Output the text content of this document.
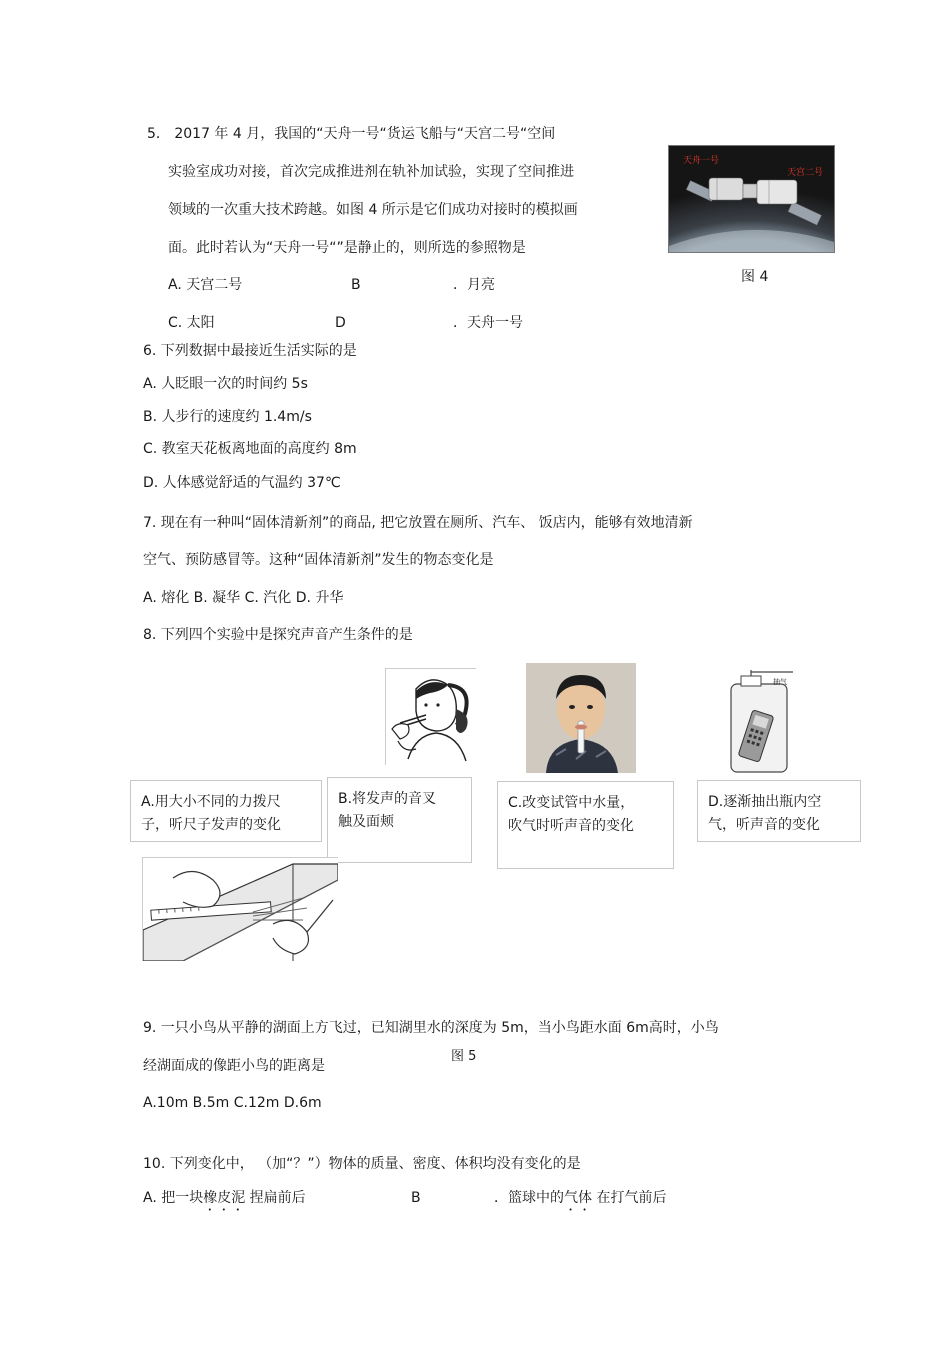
5． 2017 年 4 月，我国的“天舟一号“货运飞船与“天宫二号“空间
实验室成功对接，首次完成推进剂在轨补加试验，实现了空间推进
领域的一次重大技术跨越。如图 4 所示是它们成功对接时的模拟画
面。此时若认为“天舟一号“”是静止的，则所选的参照物是
A. 天宫二号	B	．月亮
C. 太阳	D	．天舟一号
天舟一号
天宫二号
图 4
6. 下列数据中最接近生活实际的是
A. 人眨眼一次的时间约 5s
B. 人步行的速度约 1.4m/s
C. 教室天花板离地面的高度约 8m
D. 人体感觉舒适的气温约 37℃
7. 现在有一种叫“固体清新剂”的商品, 把它放置在厕所、汽车、 饭店内，能够有效地清新
空气、预防感冒等。这种“固体清新剂”发生的物态变化是
A. 熔化 B. 凝华 C. 汽化 D. 升华
8. 下列四个实验中是探究声音产生条件的是
抽气
A.用大小不同的力拨尺
子，听尺子发声的变化
B.将发声的音叉
触及面颊
C.改变试管中水量，
吹气时听声音的变化
D.逐渐抽出瓶内空
气，听声音的变化
9. 一只小鸟从平静的湖面上方飞过，已知湖里水的深度为 5m，当小鸟距水面 6m高时，小鸟
图 5
经湖面成的像距小鸟的距离是
A.10m B.5m C.12m D.6m
10. 下列变化中， （加“？”）物体的质量、密度、体积均没有变化的是
A. 把一块橡皮泥 捏扁前后	B	．篮球中的气体 在打气前后
